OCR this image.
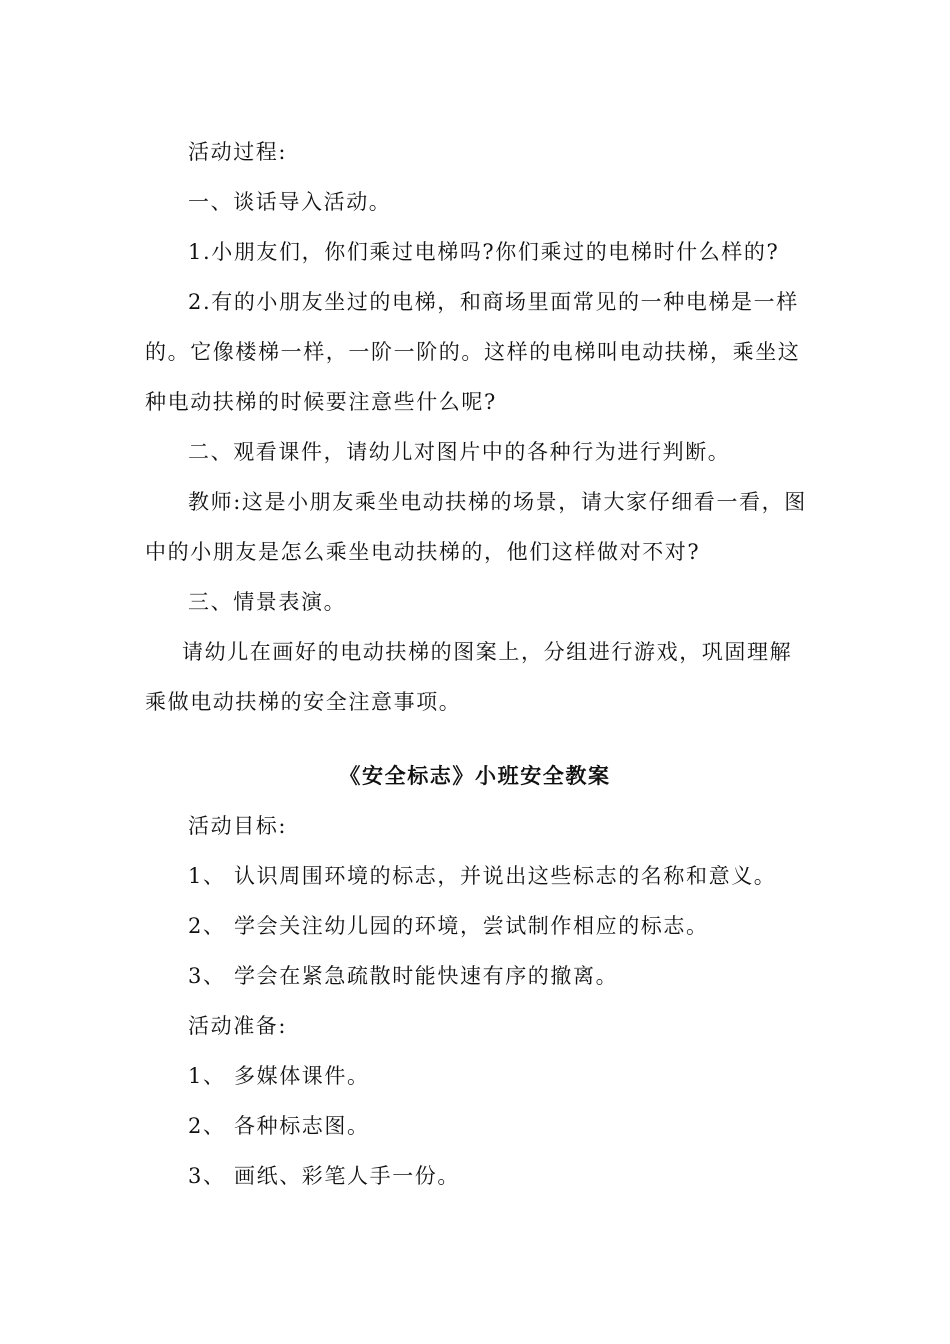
活动过程:
一、谈话导入活动。
1.小朋友们，你们乘过电梯吗?你们乘过的电梯时什么样的?
2.有的小朋友坐过的电梯，和商场里面常见的一种电梯是一样
的。它像楼梯一样，一阶一阶的。这样的电梯叫电动扶梯，乘坐这
种电动扶梯的时候要注意些什么呢?
二、观看课件，请幼儿对图片中的各种行为进行判断。
教师:这是小朋友乘坐电动扶梯的场景，请大家仔细看一看，图
中的小朋友是怎么乘坐电动扶梯的，他们这样做对不对?
三、情景表演。
请幼儿在画好的电动扶梯的图案上，分组进行游戏，巩固理解
乘做电动扶梯的安全注意事项。
《安全标志》小班安全教案
活动目标:
1、 认识周围环境的标志，并说出这些标志的名称和意义。
2、 学会关注幼儿园的环境，尝试制作相应的标志。
3、 学会在紧急疏散时能快速有序的撤离。
活动准备:
1、 多媒体课件。
2、 各种标志图。
3、 画纸、彩笔人手一份。
